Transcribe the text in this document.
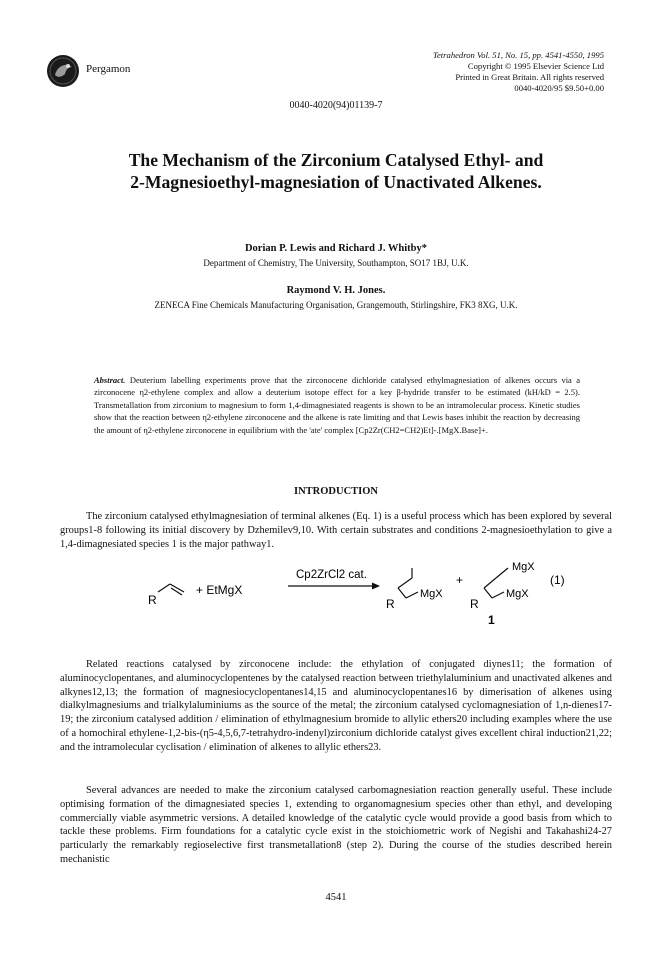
Pergamon
Tetrahedron Vol. 51, No. 15, pp. 4541-4550, 1995
Copyright © 1995 Elsevier Science Ltd
Printed in Great Britain. All rights reserved
0040-4020/95 $9.50+0.00
0040-4020(94)01139-7
The Mechanism of the Zirconium Catalysed Ethyl- and
2-Magnesioethyl-magnesiation of Unactivated Alkenes.
Dorian P. Lewis and Richard J. Whitby*
Department of Chemistry, The University, Southampton, SO17 1BJ, U.K.
Raymond V. H. Jones.
ZENECA Fine Chemicals Manufacturing Organisation, Grangemouth, Stirlingshire, FK3 8XG, U.K.
Abstract. Deuterium labelling experiments prove that the zirconocene dichloride catalysed ethylmagnesiation of alkenes occurs via a zirconocene η2-ethylene complex and allow a deuterium isotope effect for a key β-hydride transfer to be estimated (kH/kD = 2.5). Transmetallation from zirconium to magnesium to form 1,4-dimagnesiated reagents is shown to be an intramolecular process. Kinetic studies show that the reaction between η2-ethylene zirconocene and the alkene is rate limiting and that Lewis bases inhibit the reaction by decreasing the amount of η2-ethylene zirconocene in equilibrium with the 'ate' complex [Cp2Zr(CH2=CH2)Et]-.[MgX.Base]+.
INTRODUCTION
The zirconium catalysed ethylmagnesiation of terminal alkenes (Eq. 1) is a useful process which has been explored by several groups1-8 following its initial discovery by Dzhemilev9,10. With certain substrates and conditions 2-magnesioethylation to give a 1,4-dimagnesiated species 1 is the major pathway1.
R
+ EtMgX
Cp2ZrCl2 cat.
R
MgX
+
R
MgX
MgX
1
(1)
Related reactions catalysed by zirconocene include: the ethylation of conjugated diynes11; the formation of aluminocyclopentanes, and aluminocyclopentenes by the catalysed reaction between triethylaluminium and unactivated alkenes and alkynes12,13; the formation of magnesiocyclopentanes14,15 and aluminocyclopentanes16 by dimerisation of alkenes using dialkylmagnesiums and trialkylaluminiums as the source of the metal; the zirconium catalysed cyclomagnesiation of 1,n-dienes17-19; the zirconium catalysed addition / elimination of ethylmagnesium bromide to allylic ethers20 including examples where the use of a homochiral ethylene-1,2-bis-(η5-4,5,6,7-tetrahydro-indenyl)zirconium dichloride catalyst gives excellent chiral induction21,22; and the intramolecular cyclisation / elimination of alkenes to allylic ethers23.
Several advances are needed to make the zirconium catalysed carbomagnesiation reaction generally useful. These include optimising formation of the dimagnesiated species 1, extending to organomagnesium species other than ethyl, and developing commercially viable asymmetric versions. A detailed knowledge of the catalytic cycle would provide a good basis from which to tackle these problems. Firm foundations for a catalytic cycle exist in the stoichiometric work of Negishi and Takahashi24-27 particularly the remarkably regioselective first transmetallation8 (step 2). During the course of the studies described herein mechanistic
4541
